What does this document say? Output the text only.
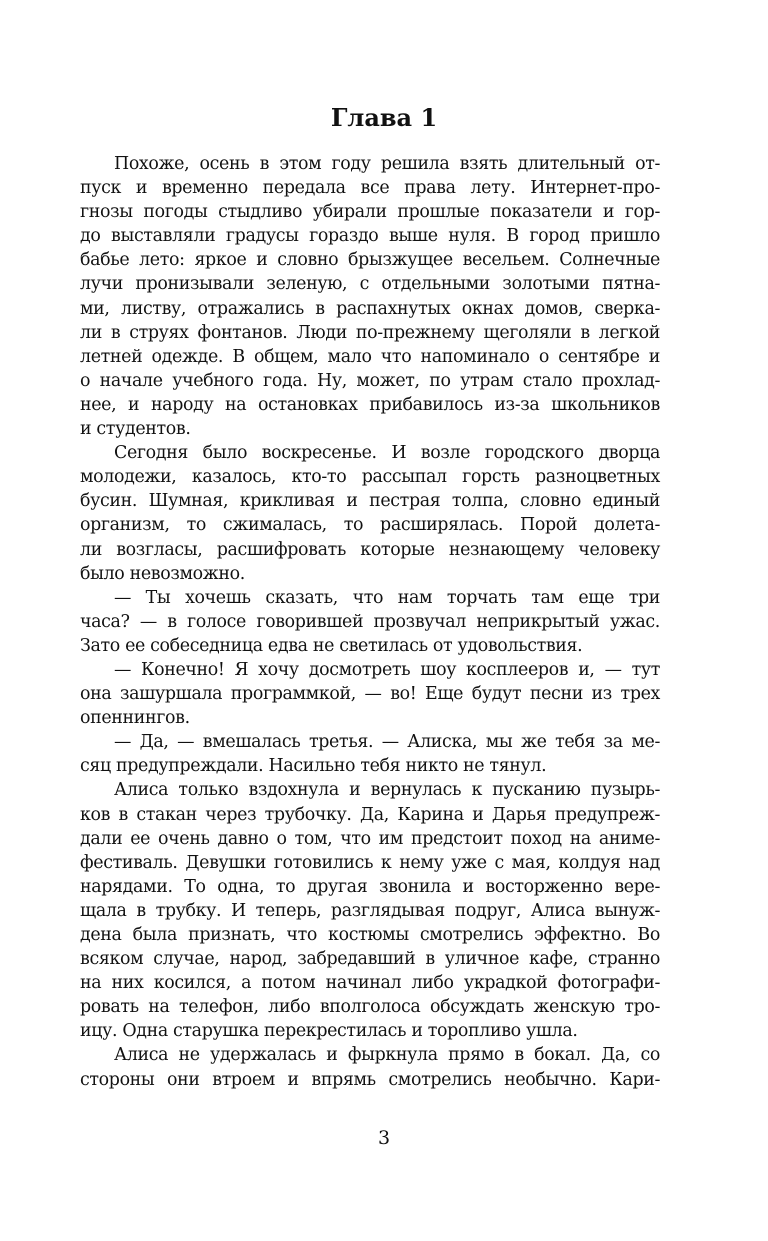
Глава 1
Похоже, осень в этом году решила взять длительный от-
пуск и временно передала все права лету. Интернет-про-
гнозы погоды стыдливо убирали прошлые показатели и гор-
до выставляли градусы гораздо выше нуля. В город пришло
бабье лето: яркое и словно брызжущее весельем. Солнечные
лучи пронизывали зеленую, с отдельными золотыми пятна-
ми, листву, отражались в распахнутых окнах домов, сверка-
ли в струях фонтанов. Люди по-прежнему щеголяли в легкой
летней одежде. В общем, мало что напоминало о сентябре и
о начале учебного года. Ну, может, по утрам стало прохлад-
нее, и народу на остановках прибавилось из-за школьников
и студентов.
Сегодня было воскресенье. И возле городского дворца
молодежи, казалось, кто-то рассыпал горсть разноцветных
бусин. Шумная, крикливая и пестрая толпа, словно единый
организм, то сжималась, то расширялась. Порой долета-
ли возгласы, расшифровать которые незнающему человеку
было невозможно.
— Ты хочешь сказать, что нам торчать там еще три
часа? — в голосе говорившей прозвучал неприкрытый ужас.
Зато ее собеседница едва не светилась от удовольствия.
— Конечно! Я хочу досмотреть шоу косплееров и, — тут
она зашуршала программкой, — во! Еще будут песни из трех
опеннингов.
— Да, — вмешалась третья. — Алиска, мы же тебя за ме-
сяц предупреждали. Насильно тебя никто не тянул.
Алиса только вздохнула и вернулась к пусканию пузырь-
ков в стакан через трубочку. Да, Карина и Дарья предупреж-
дали ее очень давно о том, что им предстоит поход на аниме-
фестиваль. Девушки готовились к нему уже с мая, колдуя над
нарядами. То одна, то другая звонила и восторженно вере-
щала в трубку. И теперь, разглядывая подруг, Алиса вынуж-
дена была признать, что костюмы смотрелись эффектно. Во
всяком случае, народ, забредавший в уличное кафе, странно
на них косился, а потом начинал либо украдкой фотографи-
ровать на телефон, либо вполголоса обсуждать женскую тро-
ицу. Одна старушка перекрестилась и торопливо ушла.
Алиса не удержалась и фыркнула прямо в бокал. Да, со
стороны они втроем и впрямь смотрелись необычно. Кари-
3
